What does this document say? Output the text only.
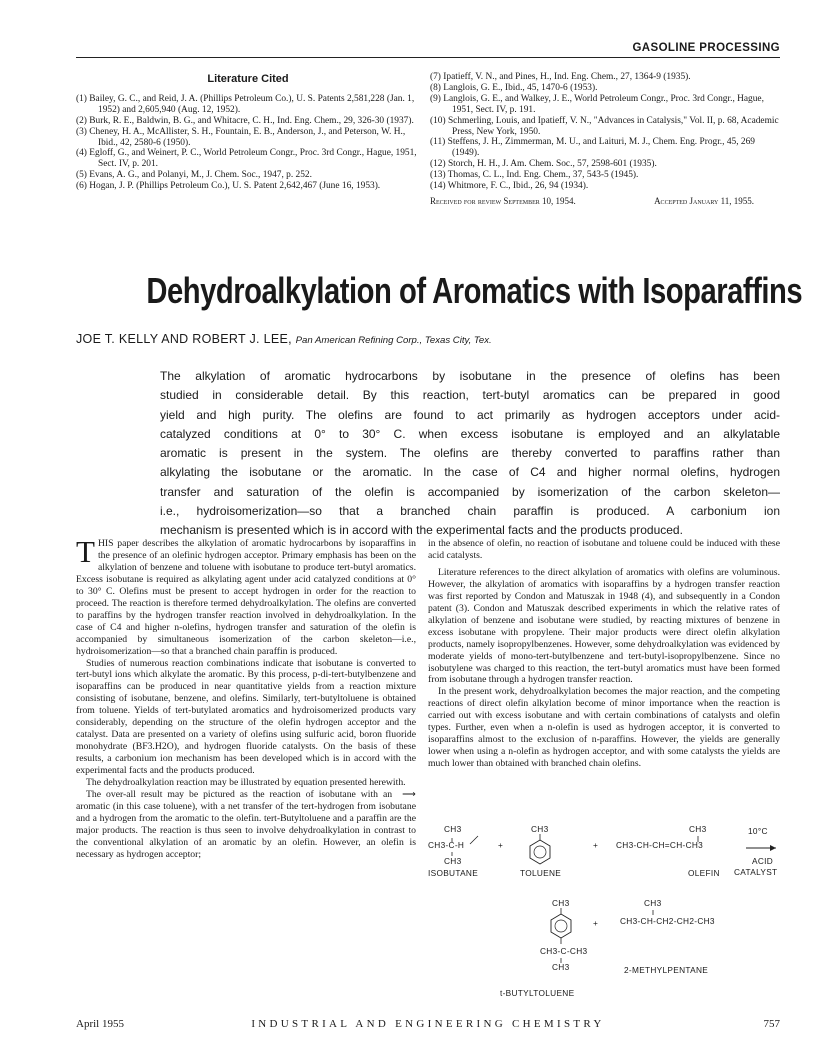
GASOLINE PROCESSING
Literature Cited
(1) Bailey, G. C., and Reid, J. A. (Phillips Petroleum Co.), U. S. Patents 2,581,228 (Jan. 1, 1952) and 2,605,940 (Aug. 12, 1952).
(2) Burk, R. E., Baldwin, B. G., and Whitacre, C. H., Ind. Eng. Chem., 29, 326-30 (1937).
(3) Cheney, H. A., McAllister, S. H., Fountain, E. B., Anderson, J., and Peterson, W. H., Ibid., 42, 2580-6 (1950).
(4) Egloff, G., and Weinert, P. C., World Petroleum Congr., Proc. 3rd Congr., Hague, 1951, Sect. IV, p. 201.
(5) Evans, A. G., and Polanyi, M., J. Chem. Soc., 1947, p. 252.
(6) Hogan, J. P. (Phillips Petroleum Co.), U. S. Patent 2,642,467 (June 16, 1953).
(7) Ipatieff, V. N., and Pines, H., Ind. Eng. Chem., 27, 1364-9 (1935).
(8) Langlois, G. E., Ibid., 45, 1470-6 (1953).
(9) Langlois, G. E., and Walkey, J. E., World Petroleum Congr., Proc. 3rd Congr., Hague, 1951, Sect. IV, p. 191.
(10) Schmerling, Louis, and Ipatieff, V. N., "Advances in Catalysis," Vol. II, p. 68, Academic Press, New York, 1950.
(11) Steffens, J. H., Zimmerman, M. U., and Laituri, M. J., Chem. Eng. Progr., 45, 269 (1949).
(12) Storch, H. H., J. Am. Chem. Soc., 57, 2598-601 (1935).
(13) Thomas, C. L., Ind. Eng. Chem., 37, 543-5 (1945).
(14) Whitmore, F. C., Ibid., 26, 94 (1934).
Received for review September 10, 1954.	Accepted January 11, 1955.
Dehydroalkylation of Aromatics with Isoparaffins
JOE T. KELLY AND ROBERT J. LEE, Pan American Refining Corp., Texas City, Tex.
The alkylation of aromatic hydrocarbons by isobutane in the presence of olefins has been
studied in considerable detail. By this reaction, tert-butyl aromatics can be prepared in good
yield and high purity. The olefins are found to act primarily as hydrogen acceptors under acid-
catalyzed conditions at 0° to 30° C. when excess isobutane is employed and an alkylatable
aromatic is present in the system. The olefins are thereby converted to paraffins rather than
alkylating the isobutane or the aromatic. In the case of C4 and higher normal olefins, hydrogen
transfer and saturation of the olefin is accompanied by isomerization of the carbon skeleton—
i.e., hydroisomerization—so that a branched chain paraffin is produced. A carbonium ion
mechanism is presented which is in accord with the experimental facts and the products produced.

THIS paper describes the alkylation of aromatic hydrocarbons by isoparaffins in the presence of an olefinic hydrogen acceptor. Primary emphasis has been on the alkylation of benzene and toluene with isobutane to produce tert-butyl aromatics. Excess isobutane is required as alkylating agent under acid catalyzed conditions at 0° to 30° C. Olefins must be present to accept hydrogen in order for the reaction to proceed. The reaction is therefore termed dehydroalkylation. The olefins are converted to paraffins by the hydrogen transfer reaction involved in dehydroalkylation. In the case of C4 and higher n-olefins, hydrogen transfer and saturation of the olefin is accompanied by simultaneous isomerization of the carbon skeleton—i.e., hydroisomerization—so that a branched chain paraffin is produced.

Studies of numerous reaction combinations indicate that isobutane is converted to tert-butyl ions which alkylate the aromatic. By this process, p-di-tert-butylbenzene and isoparaffins can be produced in near quantitative yields from a reaction mixture consisting of isobutane, benzene, and olefins. Similarly, tert-butyltoluene is obtained from toluene. Yields of tert-butylated aromatics and hydroisomerized products vary considerably, depending on the structure of the olefin hydrogen acceptor and the catalyst. Data are presented on a variety of olefins using sulfuric acid, boron fluoride monohydrate (BF3.H2O), and hydrogen fluoride catalysts. On the basis of these results, a carbonium ion mechanism has been developed which is in accord with the experimental facts and the products produced.

The dehydroalkylation reaction may be illustrated by equation presented herewith.
⟶

The over-all result may be pictured as the reaction of isobutane with an aromatic (in this case toluene), with a net transfer of the tert-hydrogen from isobutane and a hydrogen from the aromatic to the olefin. tert-Butyltoluene and a paraffin are the major products. The reaction is thus seen to involve dehydroalkylation in contrast to the conventional alkylation of an aromatic by an olefin. However, an olefin is necessary as hydrogen acceptor;

in the absence of olefin, no reaction of isobutane and toluene could be induced with these acid catalysts.

Literature references to the direct alkylation of aromatics with olefins are voluminous. However, the alkylation of aromatics with isoparaffins by a hydrogen transfer reaction was first reported by Condon and Matuszak in 1948 (4), and subsequently in a Condon patent (3). Condon and Matuszak described experiments in which the relative rates of alkylation of benzene and isobutane were studied, by reacting mixtures of benzene in excess isobutane with propylene. Their major products were direct olefin alkylation products, namely isopropylbenzenes. However, some dehydroalkylation was evidenced by moderate yields of mono-tert-butylbenzene and tert-butyl-isopropylbenzene. Since no isobutylene was charged to this reaction, the tert-butyl aromatics must have been formed from isobutane through a hydrogen transfer reaction.

In the present work, dehydroalkylation becomes the major reaction, and the competing reactions of direct olefin alkylation become of minor importance when the reaction is carried out with excess isobutane and with certain combinations of catalysts and olefin types. Further, even when a n-olefin is used as hydrogen acceptor, it is converted to isoparaffins almost to the exclusion of n-paraffins. However, the yields are generally lower when using a n-olefin as hydrogen acceptor, and with some catalysts the yields are much lower than obtained with branched chain olefins.

CH3
CH3-C-H
CH3
+
CH3
+
CH3
CH3-CH-CH=CH-CH3
10°C
ACID
CATALYST
ISOBUTANE	TOLUENE	OLEFIN
CH3
+
CH3-C-CH3
CH3
CH3
CH3-CH-CH2-CH2-CH3
2-METHYLPENTANE
t-BUTYLTOLUENE
April 1955	INDUSTRIAL AND ENGINEERING CHEMISTRY	757
